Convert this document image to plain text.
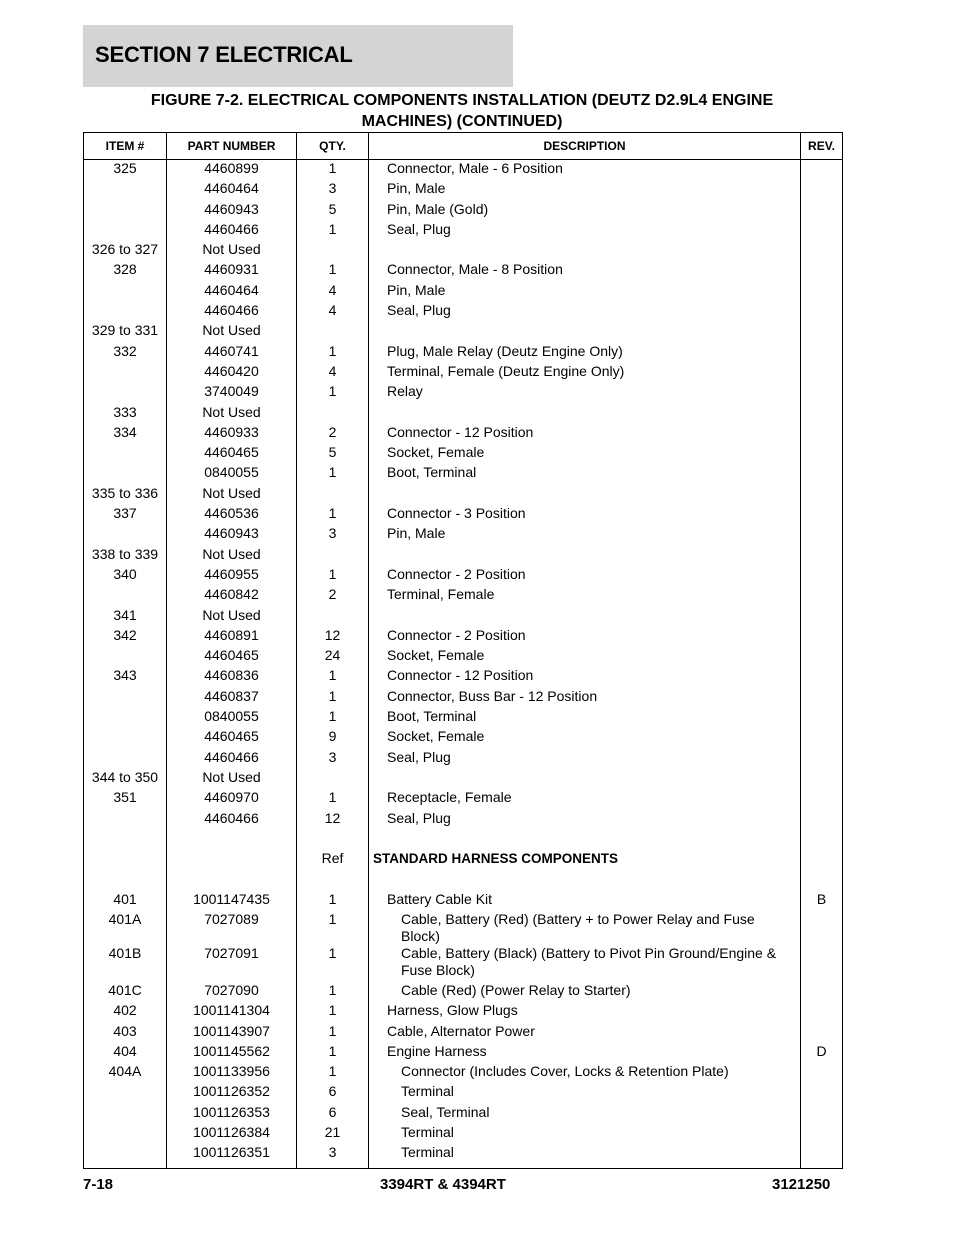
SECTION 7 ELECTRICAL
FIGURE 7-2. ELECTRICAL COMPONENTS INSTALLATION (DEUTZ D2.9L4 ENGINE
MACHINES) (CONTINUED)
ITEM #	PART NUMBER	QTY.	DESCRIPTION	REV.
325	4460899	1	Connector, Male - 6 Position	
	4460464	3	Pin, Male	
	4460943	5	Pin, Male (Gold)	
	4460466	1	Seal, Plug	
326 to 327	Not Used			
328	4460931	1	Connector, Male - 8 Position	
	4460464	4	Pin, Male	
	4460466	4	Seal, Plug	
329 to 331	Not Used			
332	4460741	1	Plug, Male Relay (Deutz Engine Only)	
	4460420	4	Terminal, Female (Deutz Engine Only)	
	3740049	1	Relay	
333	Not Used			
334	4460933	2	Connector - 12 Position	
	4460465	5	Socket, Female	
	0840055	1	Boot, Terminal	
335 to 336	Not Used			
337	4460536	1	Connector - 3 Position	
	4460943	3	Pin, Male	
338 to 339	Not Used			
340	4460955	1	Connector - 2 Position	
	4460842	2	Terminal, Female	
341	Not Used			
342	4460891	12	Connector - 2 Position	
	4460465	24	Socket, Female	
343	4460836	1	Connector - 12 Position	
	4460837	1	Connector, Buss Bar - 12 Position	
	0840055	1	Boot, Terminal	
	4460465	9	Socket, Female	
	4460466	3	Seal, Plug	
344 to 350	Not Used			
351	4460970	1	Receptacle, Female	
	4460466	12	Seal, Plug	

		Ref	STANDARD HARNESS COMPONENTS	

401	1001147435	1	Battery Cable Kit	B
401A	7027089	1	Cable, Battery (Red) (Battery + to Power Relay and Fuse Block)	
401B	7027091	1	Cable, Battery (Black) (Battery to Pivot Pin Ground/Engine & Fuse Block)	
401C	7027090	1	Cable (Red) (Power Relay to Starter)	
402	1001141304	1	Harness, Glow Plugs	
403	1001143907	1	Cable, Alternator Power	
404	1001145562	1	Engine Harness	D
404A	1001133956	1	Connector (Includes Cover, Locks & Retention Plate)	
	1001126352	6	Terminal	
	1001126353	6	Seal, Terminal	
	1001126384	21	Terminal	
	1001126351	3	Terminal	
7-18	3394RT & 4394RT	3121250
